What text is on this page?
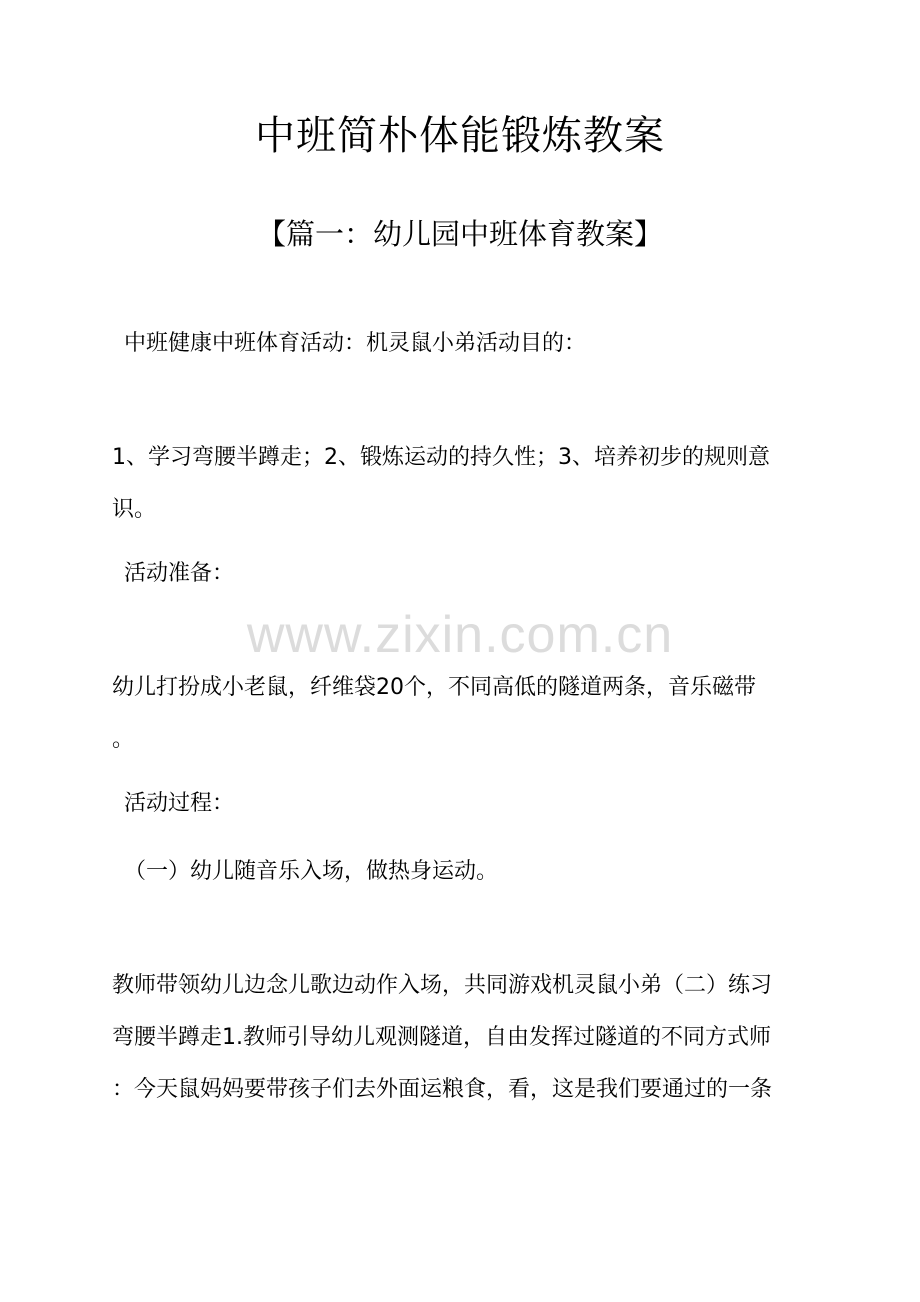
中班简朴体能锻炼教案
【篇一：幼儿园中班体育教案】
中班健康中班体育活动：机灵鼠小弟活动目的：
1、学习弯腰半蹲走；2、锻炼运动的持久性；3、培养初步的规则意
识。
活动准备：
www.zixin.com.cn
幼儿打扮成小老鼠，纤维袋20个，不同高低的隧道两条，音乐磁带
。
活动过程：
（一）幼儿随音乐入场，做热身运动。
教师带领幼儿边念儿歌边动作入场，共同游戏机灵鼠小弟（二）练习
弯腰半蹲走1.教师引导幼儿观测隧道，自由发挥过隧道的不同方式师
：今天鼠妈妈要带孩子们去外面运粮食，看，这是我们要通过的一条
